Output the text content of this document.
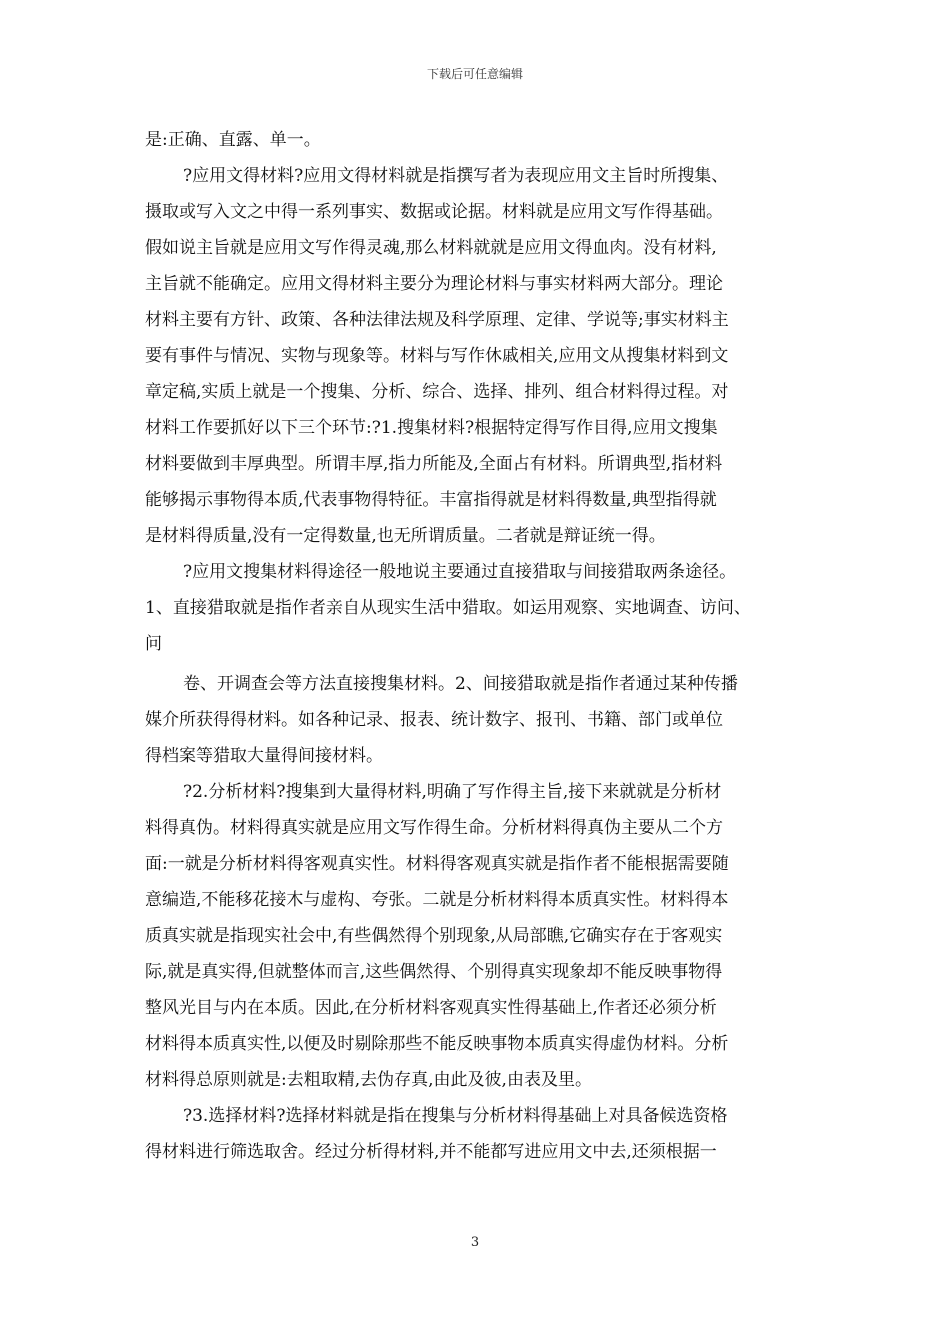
下载后可任意编辑
是:正确、直露、单一。
?应用文得材料?应用文得材料就是指撰写者为表现应用文主旨时所搜集、
摄取或写入文之中得一系列事实、数据或论据。材料就是应用文写作得基础。
假如说主旨就是应用文写作得灵魂,那么材料就就是应用文得血肉。没有材料,
主旨就不能确定。应用文得材料主要分为理论材料与事实材料两大部分。理论
材料主要有方针、政策、各种法律法规及科学原理、定律、学说等;事实材料主
要有事件与情况、实物与现象等。材料与写作休戚相关,应用文从搜集材料到文
章定稿,实质上就是一个搜集、分析、综合、选择、排列、组合材料得过程。对
材料工作要抓好以下三个环节:?1.搜集材料?根据特定得写作目得,应用文搜集
材料要做到丰厚典型。所谓丰厚,指力所能及,全面占有材料。所谓典型,指材料
能够揭示事物得本质,代表事物得特征。丰富指得就是材料得数量,典型指得就
是材料得质量,没有一定得数量,也无所谓质量。二者就是辩证统一得。
?应用文搜集材料得途径一般地说主要通过直接猎取与间接猎取两条途径。
1、直接猎取就是指作者亲自从现实生活中猎取。如运用观察、实地调查、访问、
问
卷、开调查会等方法直接搜集材料。2、间接猎取就是指作者通过某种传播
媒介所获得得材料。如各种记录、报表、统计数字、报刊、书籍、部门或单位
得档案等猎取大量得间接材料。
?2.分析材料?搜集到大量得材料,明确了写作得主旨,接下来就就是分析材
料得真伪。材料得真实就是应用文写作得生命。分析材料得真伪主要从二个方
面:一就是分析材料得客观真实性。材料得客观真实就是指作者不能根据需要随
意编造,不能移花接木与虚构、夸张。二就是分析材料得本质真实性。材料得本
质真实就是指现实社会中,有些偶然得个别现象,从局部瞧,它确实存在于客观实
际,就是真实得,但就整体而言,这些偶然得、个别得真实现象却不能反映事物得
整风光目与内在本质。因此,在分析材料客观真实性得基础上,作者还必须分析
材料得本质真实性,以便及时剔除那些不能反映事物本质真实得虚伪材料。分析
材料得总原则就是:去粗取精,去伪存真,由此及彼,由表及里。
?3.选择材料?选择材料就是指在搜集与分析材料得基础上对具备候选资格
得材料进行筛选取舍。经过分析得材料,并不能都写进应用文中去,还须根据一
3
